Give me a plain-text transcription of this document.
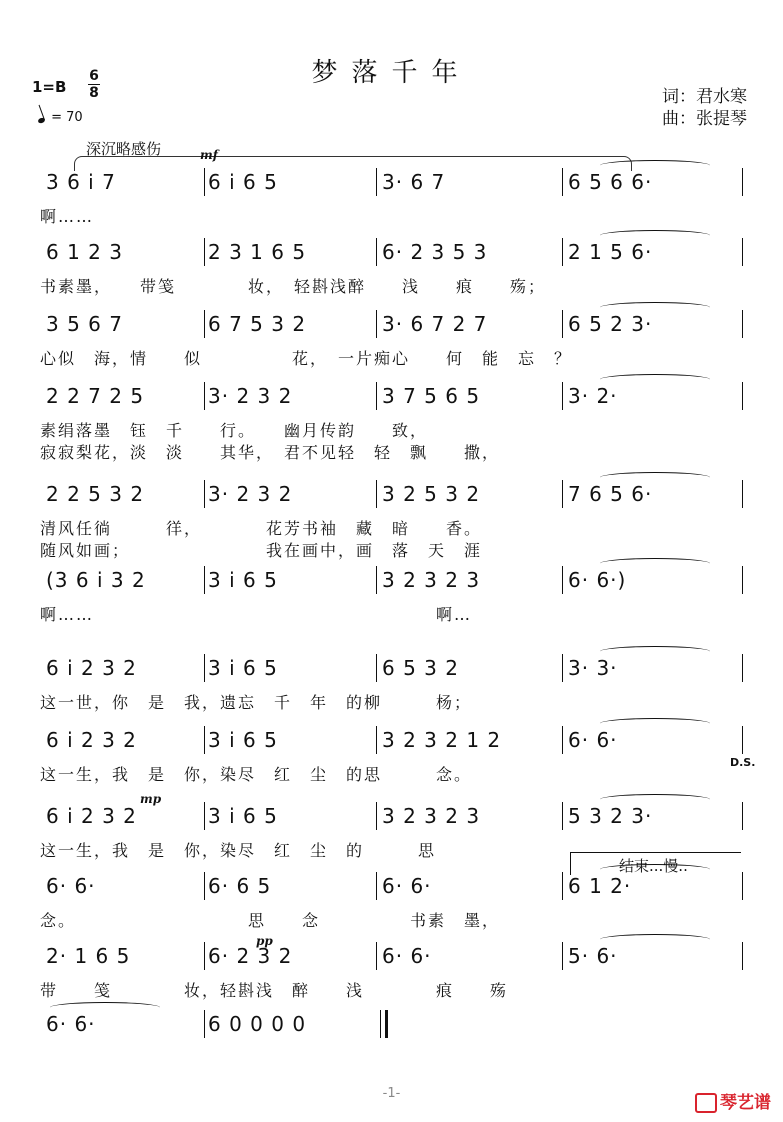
梦落千年
1=B
6
8
= 70
词：君水寒
曲：张提琴
深沉略感伤	mf
mp
pp
3 6 i 7	6 i 6 5	3· 6 7	6 5 6 6·
啊……
6 1 2 3	2 3 1 6 5	6· 2 3 5 3	2 1 5 6·
书素墨，　　带笺　　　　妆，　轻斟浅醉　　浅　　痕　　殇；
3 5 6 7	6 7 5 3 2	3· 6 7 2 7	6 5 2 3·
心似　海，情　　似　　　　　花，　一片痴心　　何　能　忘　？
2 2 7 2 5	3· 2 3 2	3 7 5 6 5	3· 2·
素绢落墨　钰　千　　行。　　幽月传韵　　致，
寂寂梨花，淡　淡　　其华，　君不见轻　轻　飘　　撒，
2 2 5 3 2	3· 2 3 2	3 2 5 3 2	7 6 5 6·
清风任徜　　　徉，　　　　花芳书袖　藏　暗　　香。
随风如画；　　　　　　　　我在画中，画　落　天　涯
(3 6 i 3 2	3 i 6 5	3 2 3 2 3	6· 6·)
啊……　　　　　　　　　　　　　　　　　　　啊…
6 i 2 3 2	3 i 6 5	6 5 3 2	3· 3·
这一世，你　是　我，遗忘　千　年　的柳　　　杨；
6 i 2 3 2	3 i 6 5	3 2 3 2 1 2	6· 6·
这一生，我　是　你，染尽　红　尘　的思　　　念。
6 i 2 3 2	3 i 6 5	3 2 3 2 3	5 3 2 3·
这一生，我　是　你，染尽　红　尘　的　　　思
6· 6·	6· 6 5	6· 6·	6 1 2·
念。　　　　　　　　　　思　　念　　　　　书素　墨，
2· 1 6 5	6· 2 3 2	6· 6·	5· 6·
带　　笺　　　　妆，轻斟浅　醉　　浅　　　　痕　　殇
6· 6·	6 0 0 0 0
结束...慢..
D.S.
-1-	琴艺谱
